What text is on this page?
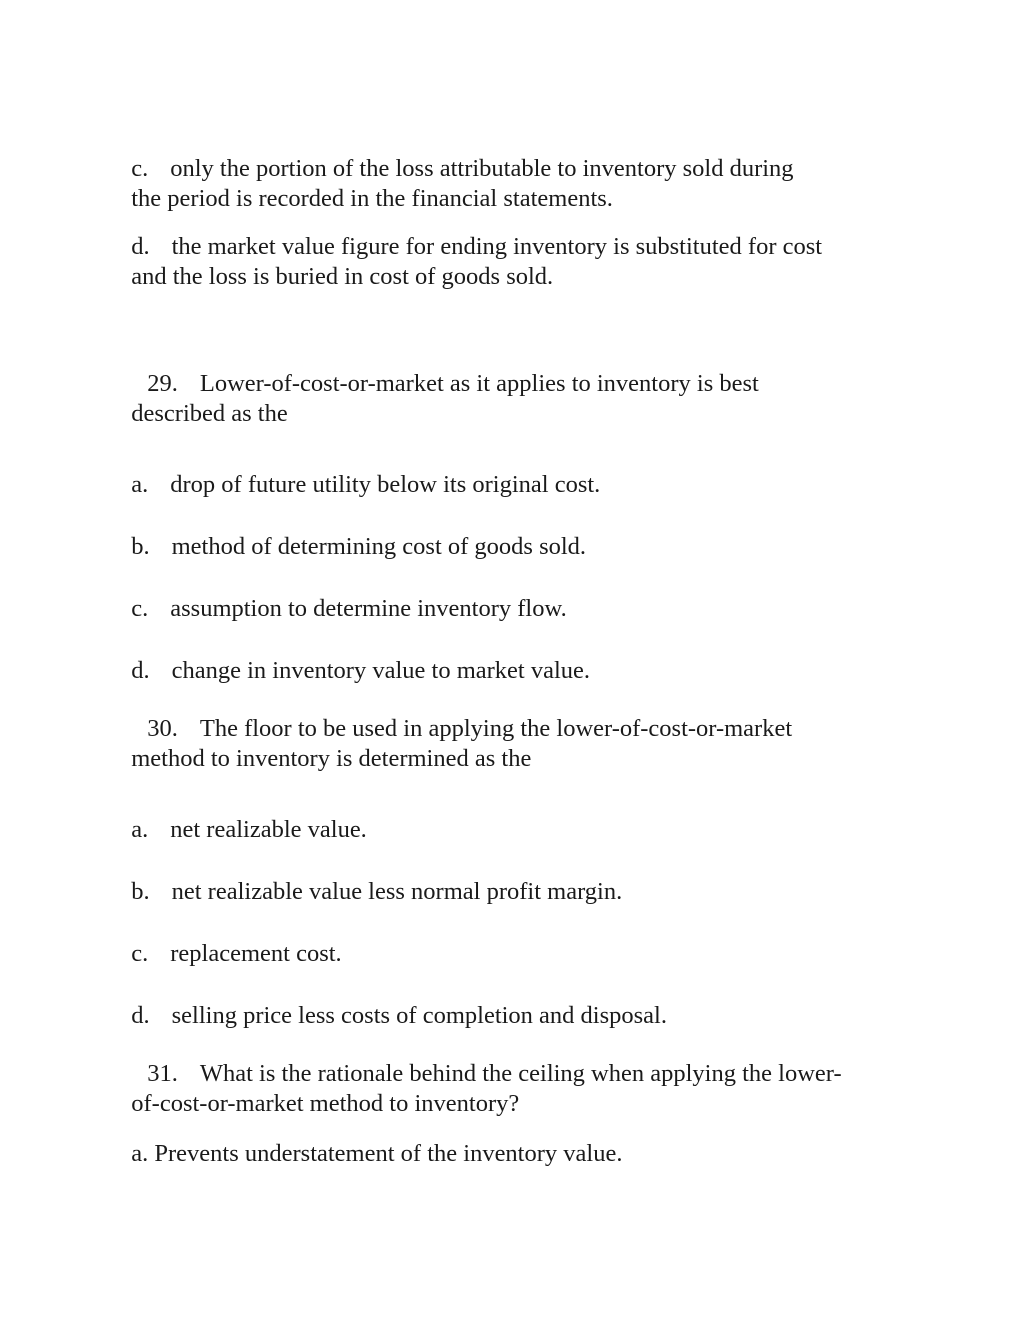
c. only the portion of the loss attributable to inventory sold during

the period is recorded in the financial statements.

d. the market value figure for ending inventory is substituted for cost

and the loss is buried in cost of goods sold.

29. Lower-of-cost-or-market as it applies to inventory is best

described as the

a. drop of future utility below its original cost.

b. method of determining cost of goods sold.

c. assumption to determine inventory flow.

d. change in inventory value to market value.

30. The floor to be used in applying the lower-of-cost-or-market

method to inventory is determined as the

a. net realizable value.

b. net realizable value less normal profit margin.

c. replacement cost.

d. selling price less costs of completion and disposal.

31. What is the rationale behind the ceiling when applying the lower-

of-cost-or-market method to inventory?

a. Prevents understatement of the inventory value.
